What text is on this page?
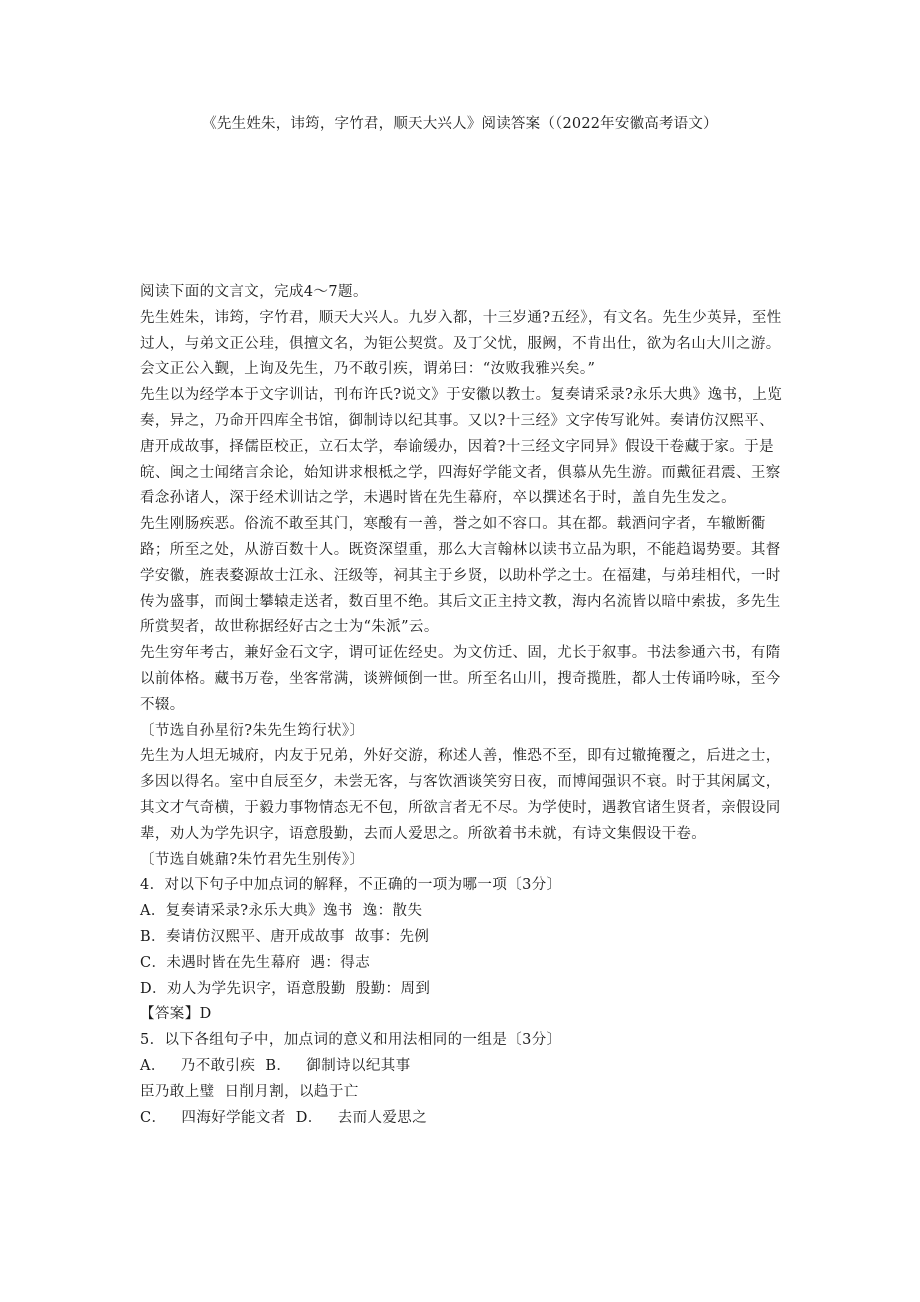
《先生姓朱，讳筠，字竹君，顺天大兴人》阅读答案（（2022年安徽高考语文）
阅读下面的文言文，完成4～7题。
先生姓朱，讳筠，字竹君，顺天大兴人。九岁入都，十三岁通?五经》，有文名。先生少英异，至性过人，与弟文正公珪，俱擅文名，为钜公契赏。及丁父忧，服阙，不肯出仕，欲为名山大川之游。会文正公入觐，上询及先生，乃不敢引疾，谓弟曰：“汝败我雅兴矣。”
先生以为经学本于文字训诂，刊布许氏?说文》于安徽以教士。复奏请采录?永乐大典》逸书，上览奏，异之，乃命开四库全书馆，御制诗以纪其事。又以?十三经》文字传写讹舛。奏请仿汉熙平、唐开成故事，择儒臣校正，立石太学，奉谕缓办，因着?十三经文字同异》假设干卷藏于家。于是皖、闽之士闻绪言余论，始知讲求根柢之学，四海好学能文者，俱慕从先生游。而戴征君震、王察看念孙诸人，深于经术训诂之学，未遇时皆在先生幕府，卒以撰述名于时，盖自先生发之。
先生刚肠疾恶。俗流不敢至其门，寒酸有一善，誉之如不容口。其在都。载酒问字者，车辙断衢路；所至之处，从游百数十人。既资深望重，那么大言翰林以读书立品为职，不能趋谒势要。其督学安徽，旌表婺源故士江永、汪级等，祠其主于乡贤，以助朴学之士。在福建，与弟珪相代，一时传为盛事，而闽士攀辕走送者，数百里不绝。其后文正主持文教，海内名流皆以暗中索拔，多先生所赏契者，故世称据经好古之士为“朱派”云。
先生穷年考古，兼好金石文字，谓可证佐经史。为文仿迁、固，尤长于叙事。书法参通六书，有隋以前体格。藏书万卷，坐客常满，谈辨倾倒一世。所至名山川，搜奇揽胜，都人士传诵吟咏，至今不辍。
〔节选自孙星衍?朱先生筠行状》〕
先生为人坦无城府，内友于兄弟，外好交游，称述人善，惟恐不至，即有过辙掩覆之，后进之士，多因以得名。室中自辰至夕，未尝无客，与客饮酒谈笑穷日夜，而博闻强识不衰。时于其闲属文，其文才气奇横，于毅力事物情态无不包，所欲言者无不尽。为学使时，遇教官诸生贤者，亲假设同辈，劝人为学先识字，语意殷勤，去而人爱思之。所欲着书未就，有诗文集假设干卷。
〔节选自姚鼐?朱竹君先生别传》〕
4．对以下句子中加点词的解释，不正确的一项为哪一项〔3分〕
A．复奏请采录?永乐大典》逸书  逸：散失
B．奏请仿汉熙平、唐开成故事  故事：先例
C．未遇时皆在先生幕府  遇：得志
D．劝人为学先识字，语意殷勤  殷勤：周到
【答案】D
5．以下各组句子中，加点词的意义和用法相同的一组是〔3分〕
A．   乃不敢引疾  B．   御制诗以纪其事
臣乃敢上璧  日削月割，以趋于亡
C．   四海好学能文者  D．   去而人爱思之
